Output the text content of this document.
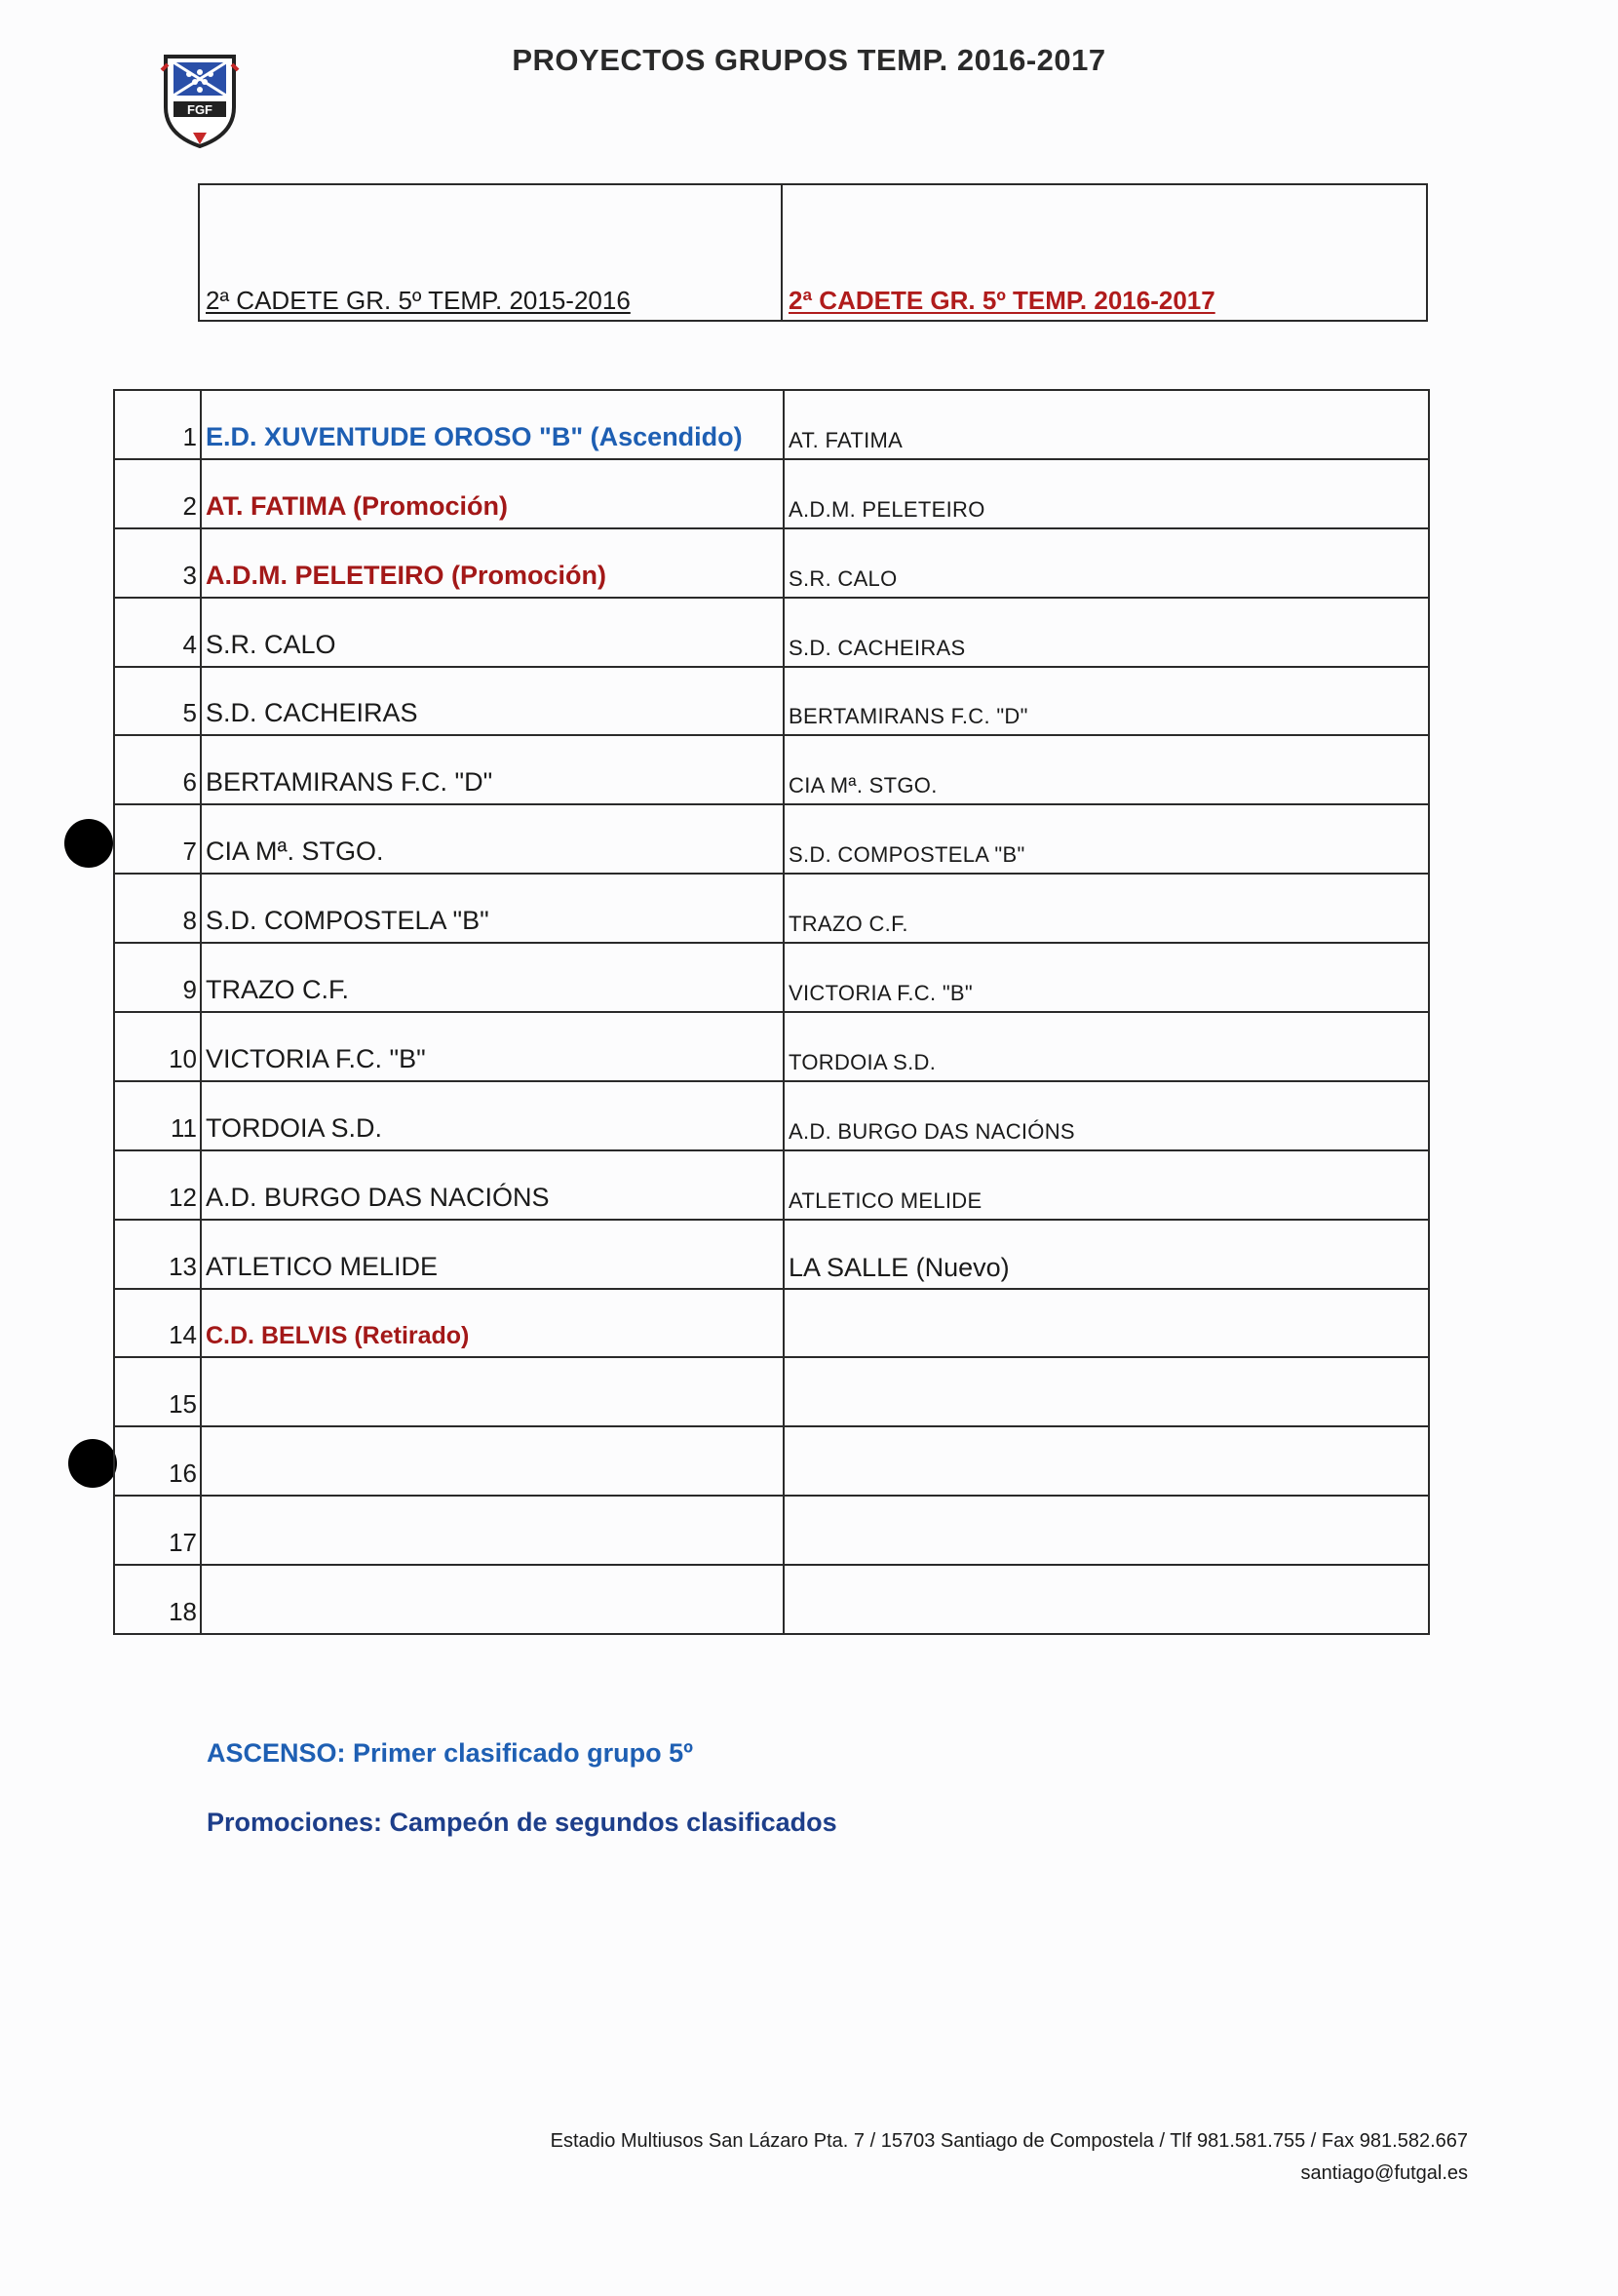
FGF
PROYECTOS GRUPOS TEMP. 2016-2017
2ª CADETE GR. 5º TEMP. 2015-2016	2ª CADETE GR. 5º TEMP. 2016-2017
1 E.D. XUVENTUDE OROSO "B" (Ascendido)	AT. FATIMA
2 AT. FATIMA (Promoción)	A.D.M. PELETEIRO
3 A.D.M. PELETEIRO (Promoción)	S.R. CALO
4 S.R. CALO	S.D. CACHEIRAS
5 S.D. CACHEIRAS	BERTAMIRANS F.C. "D"
6 BERTAMIRANS F.C. "D"	CIA Mª. STGO.
7 CIA Mª. STGO.	S.D. COMPOSTELA "B"
8 S.D. COMPOSTELA "B"	TRAZO C.F.
9 TRAZO C.F.	VICTORIA F.C. "B"
10 VICTORIA F.C. "B"	TORDOIA S.D.
11 TORDOIA S.D.	A.D. BURGO DAS NACIÓNS
12 A.D. BURGO DAS NACIÓNS	ATLETICO MELIDE
13 ATLETICO MELIDE	LA SALLE (Nuevo)
14 C.D. BELVIS (Retirado)
15
16
17
18
ASCENSO: Primer clasificado grupo 5º
Promociones: Campeón de segundos clasificados
Estadio Multiusos San Lázaro Pta. 7 / 15703 Santiago de Compostela / Tlf 981.581.755 / Fax 981.582.667
santiago@futgal.es
